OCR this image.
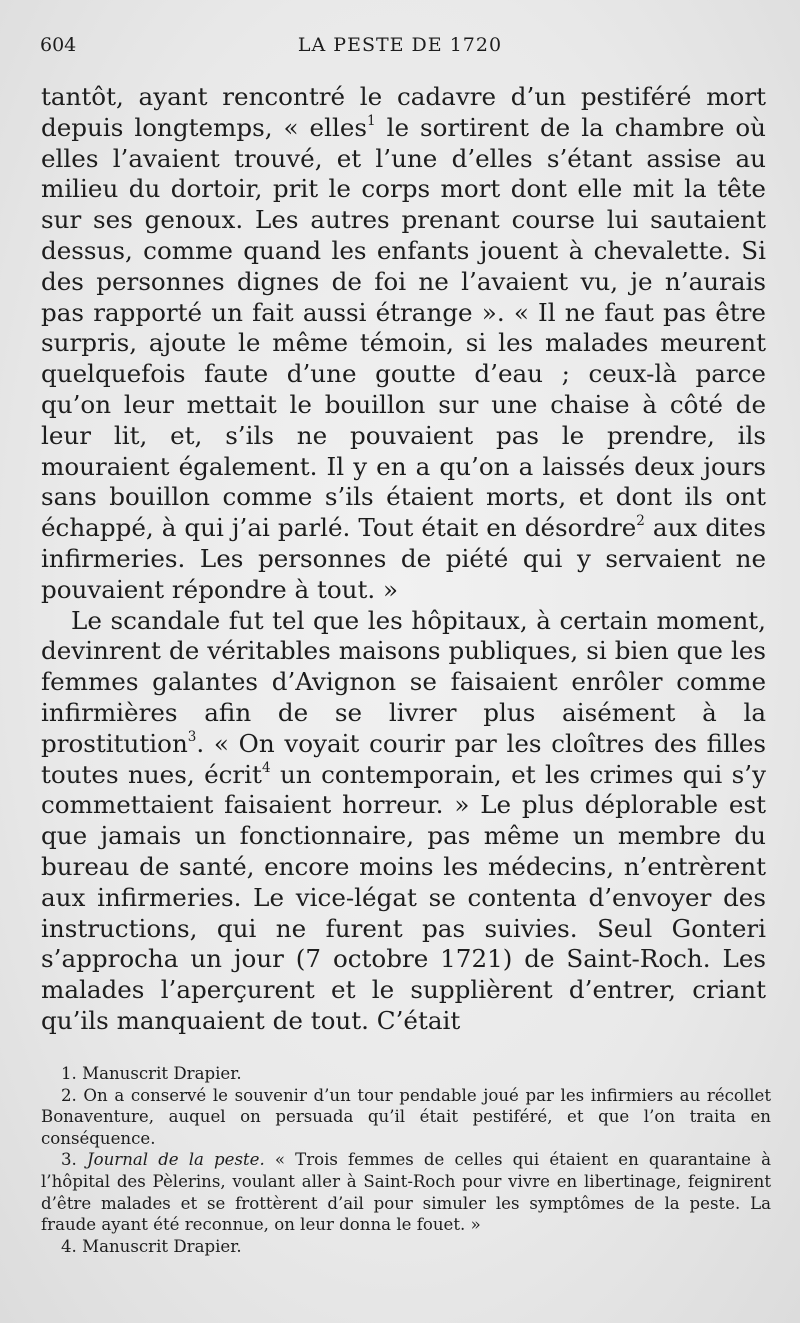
604	LA PESTE DE 1720

tantôt, ayant rencontré le cadavre d’un pestiféré mort depuis longtemps, « elles$^1$ le sortirent de la chambre où elles l’avaient trouvé, et l’une d’elles s’étant assise au milieu du dortoir, prit le corps mort dont elle mit la tête sur ses genoux. Les autres prenant course lui sautaient dessus, comme quand les enfants jouent à chevalette. Si des personnes dignes de foi ne l’avaient vu, je n’aurais pas rapporté un fait aussi étrange ». « Il ne faut pas être surpris, ajoute le même témoin, si les malades meurent quelquefois faute d’une goutte d’eau ; ceux-là parce qu’on leur mettait le bouillon sur une chaise à côté de leur lit, et, s’ils ne pouvaient pas le prendre, ils mouraient également. Il y en a qu’on a laissés deux jours sans bouillon comme s’ils étaient morts, et dont ils ont échappé, à qui j’ai parlé. Tout était en désordre$^2$ aux dites infirmeries. Les personnes de piété qui y servaient ne pouvaient répondre à tout. »

Le scandale fut tel que les hôpitaux, à certain moment, devinrent de véritables maisons publiques, si bien que les femmes galantes d’Avignon se faisaient enrôler comme infirmières afin de se livrer plus aisément à la prostitution$^3$. « On voyait courir par les cloîtres des filles toutes nues, écrit$^4$ un contemporain, et les crimes qui s’y commettaient faisaient horreur. » Le plus déplorable est que jamais un fonctionnaire, pas même un membre du bureau de santé, encore moins les médecins, n’entrèrent aux infirmeries. Le vice-légat se contenta d’envoyer des instructions, qui ne furent pas suivies. Seul Gonteri s’approcha un jour (7 octobre 1721) de Saint-Roch. Les malades l’aperçurent et le supplièrent d’entrer, criant qu’ils manquaient de tout. C’était

1. Manuscrit Drapier.

2. On a conservé le souvenir d’un tour pendable joué par les infirmiers au récollet Bonaventure, auquel on persuada qu’il était pestiféré, et que l’on traita en conséquence.

3. Journal de la peste. « Trois femmes de celles qui étaient en quarantaine à l’hôpital des Pèlerins, voulant aller à Saint-Roch pour vivre en libertinage, feignirent d’être malades et se frottèrent d’ail pour simuler les symptômes de la peste. La fraude ayant été reconnue, on leur donna le fouet. »

4. Manuscrit Drapier.
